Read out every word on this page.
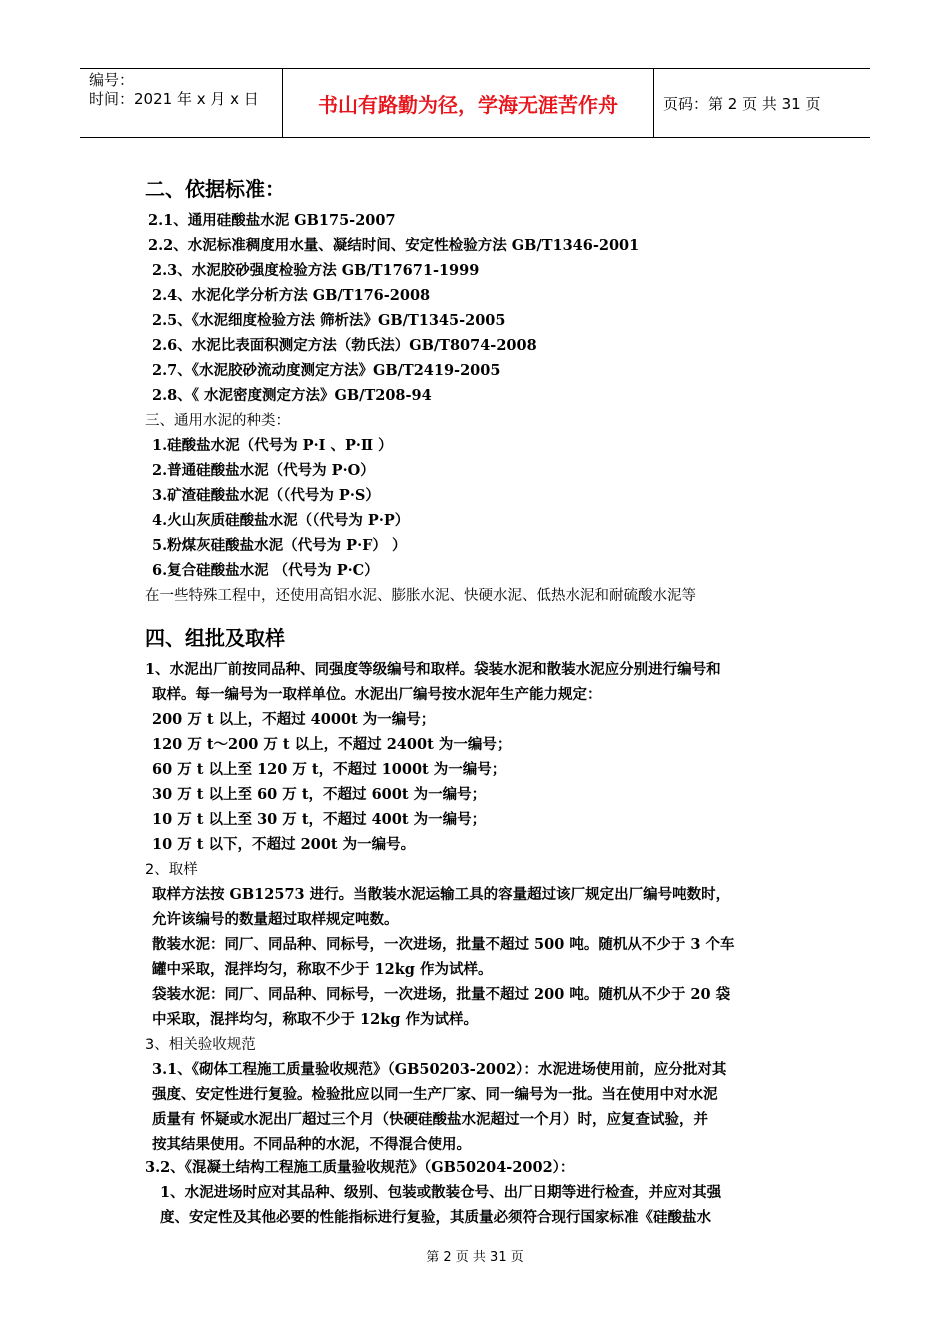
编号：
时间：2021 年 x 月 x 日	书山有路勤为径，学海无涯苦作舟	页码：第 2 页 共 31 页
二、依据标准：
2.1、通用硅酸盐水泥 GB175-2007
2.2、水泥标准稠度用水量、凝结时间、安定性检验方法 GB/T1346-2001
2.3、水泥胶砂强度检验方法 GB/T17671-1999
2.4、水泥化学分析方法 GB/T176-2008
2.5、《水泥细度检验方法 筛析法》GB/T1345-2005
2.6、水泥比表面积测定方法（勃氏法）GB/T8074-2008
2.7、《水泥胶砂流动度测定方法》GB/T2419-2005
2.8、《 水泥密度测定方法》GB/T208-94
三、通用水泥的种类：
1.硅酸盐水泥（代号为 P·Ⅰ 、P·Ⅱ ）
2.普通硅酸盐水泥（代号为 P·O）
3.矿渣硅酸盐水泥（（代号为 P·S）
4.火山灰质硅酸盐水泥（（代号为 P·P）
5.粉煤灰硅酸盐水泥（代号为 P·F） ）
6.复合硅酸盐水泥 （代号为 P·C）
在一些特殊工程中，还使用高铝水泥、膨胀水泥、快硬水泥、低热水泥和耐硫酸水泥等
四、组批及取样
1、水泥出厂前按同品种、同强度等级编号和取样。袋装水泥和散装水泥应分别进行编号和
取样。每一编号为一取样单位。水泥出厂编号按水泥年生产能力规定：
200 万 t 以上，不超过 4000t 为一编号；
120 万 t～200 万 t 以上，不超过 2400t 为一编号；
60 万 t 以上至 120 万 t，不超过 1000t 为一编号；
30 万 t 以上至 60 万 t，不超过 600t 为一编号；
10 万 t 以上至 30 万 t，不超过 400t 为一编号；
10 万 t 以下，不超过 200t 为一编号。
2、取样
取样方法按 GB12573 进行。当散装水泥运输工具的容量超过该厂规定出厂编号吨数时，
允许该编号的数量超过取样规定吨数。
散装水泥：同厂、同品种、同标号，一次进场，批量不超过 500 吨。随机从不少于 3 个车
罐中采取，混拌均匀，称取不少于 12kg 作为试样。
袋装水泥：同厂、同品种、同标号，一次进场，批量不超过 200 吨。随机从不少于 20 袋
中采取，混拌均匀，称取不少于 12kg 作为试样。
3、相关验收规范
3.1、《砌体工程施工质量验收规范》（GB50203-2002）：水泥进场使用前，应分批对其
强度、安定性进行复验。检验批应以同一生产厂家、同一编号为一批。当在使用中对水泥
质量有 怀疑或水泥出厂超过三个月（快硬硅酸盐水泥超过一个月）时，应复查试验，并
按其结果使用。不同品种的水泥，不得混合使用。
3.2、《混凝土结构工程施工质量验收规范》（GB50204-2002）：
1、水泥进场时应对其品种、级别、包装或散装仓号、出厂日期等进行检查，并应对其强
度、安定性及其他必要的性能指标进行复验，其质量必须符合现行国家标准《硅酸盐水
第 2 页 共 31 页
